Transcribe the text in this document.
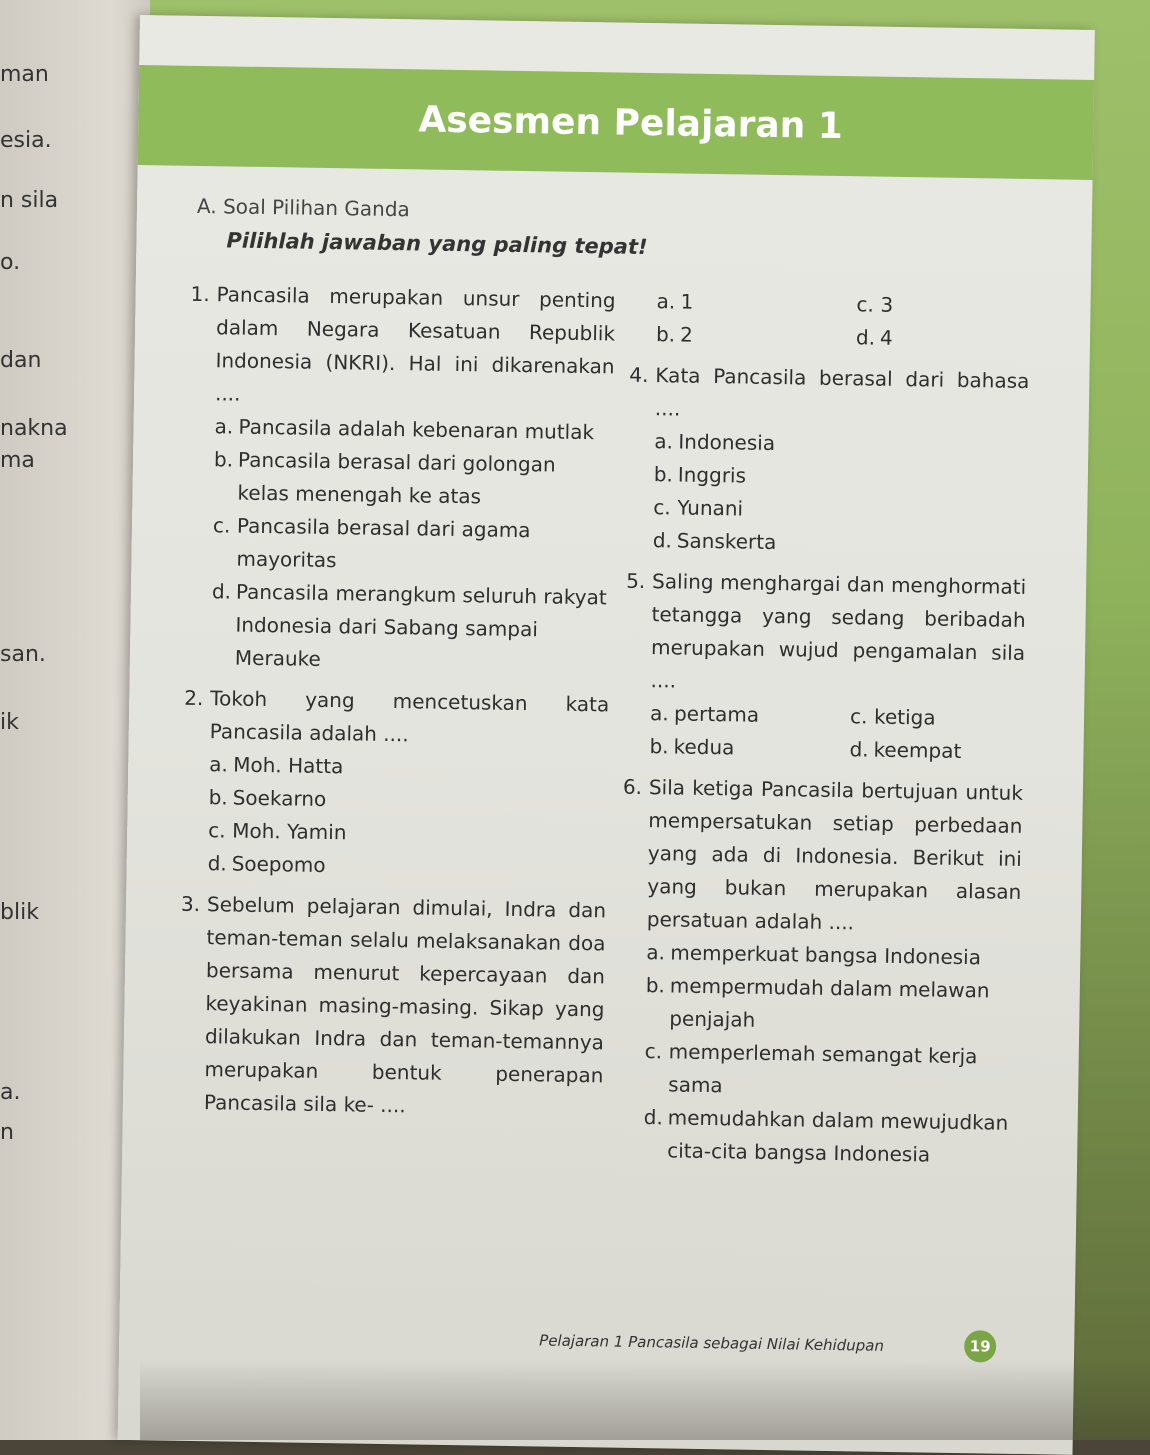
man
esia.
n sila
o.
dan
nakna
ma
san.
ik
blik
a.
n
Asesmen Pelajaran 1
A. Soal Pilihan Ganda
Pilihlah jawaban yang paling tepat!
1. Pancasila merupakan unsur penting dalam Negara Kesatuan Republik Indonesia (NKRI). Hal ini dikarenakan ....
a. Pancasila adalah kebenaran mutlak
b. Pancasila berasal dari golongan kelas menengah ke atas
c. Pancasila berasal dari agama mayoritas
d. Pancasila merangkum seluruh rakyat Indonesia dari Sabang sampai Merauke
2. Tokoh yang mencetuskan kata Pancasila adalah ....
a. Moh. Hatta
b. Soekarno
c. Moh. Yamin
d. Soepomo
3. Sebelum pelajaran dimulai, Indra dan teman-teman selalu melaksanakan doa bersama menurut kepercayaan dan keyakinan masing-masing. Sikap yang dilakukan Indra dan teman-temannya merupakan bentuk penerapan Pancasila sila ke- ....
a. 1	c. 3
b. 2	d. 4
4. Kata Pancasila berasal dari bahasa ....
a. Indonesia
b. Inggris
c. Yunani
d. Sanskerta
5. Saling menghargai dan menghormati tetangga yang sedang beribadah merupakan wujud pengamalan sila ....
a. pertama	c. ketiga
b. kedua	d. keempat
6. Sila ketiga Pancasila bertujuan untuk mempersatukan setiap perbedaan yang ada di Indonesia. Berikut ini yang bukan merupakan alasan persatuan adalah ....
a. memperkuat bangsa Indonesia
b. mempermudah dalam melawan penjajah
c. memperlemah semangat kerja sama
d. memudahkan dalam mewujudkan cita-cita bangsa Indonesia
Pelajaran 1 Pancasila sebagai Nilai Kehidupan	19
